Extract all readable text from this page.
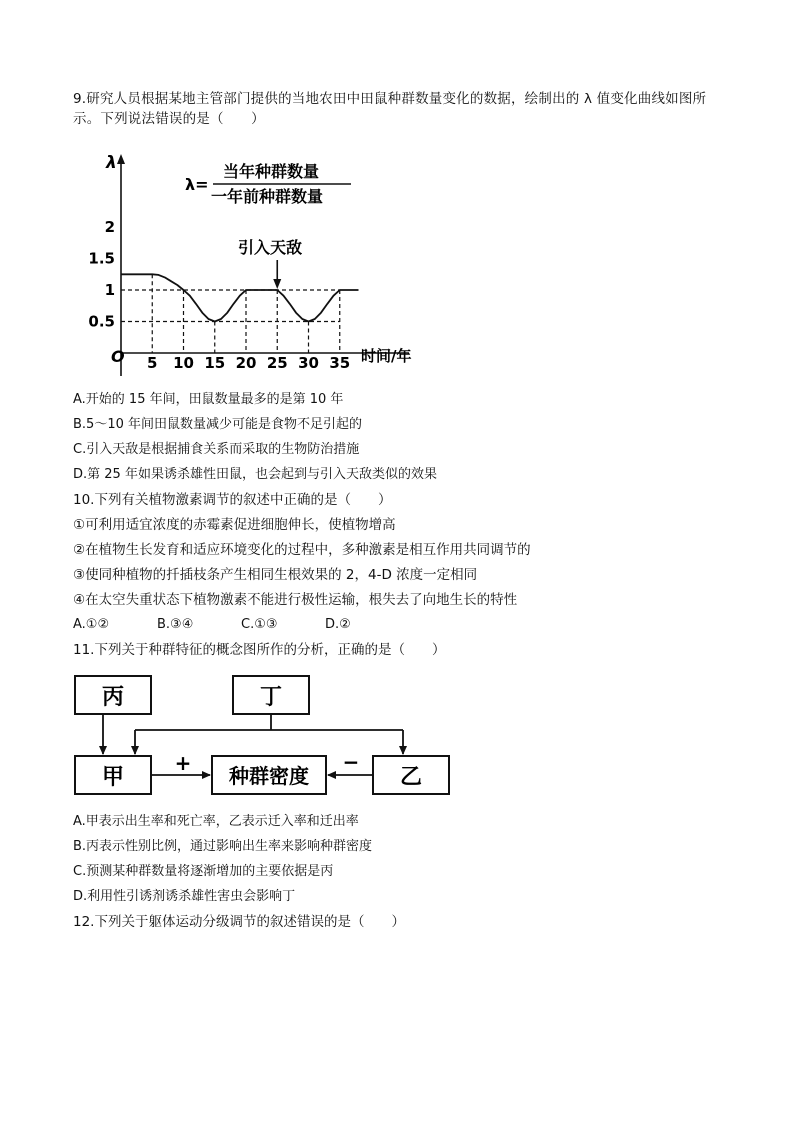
9.研究人员根据某地主管部门提供的当地农田中田鼠种群数量变化的数据，绘制出的 λ 值变化曲线如图所示。下列说法错误的是（　　）
λ
O	时间/年
λ=
当年种群数量
一年前种群数量
引入天敌
5 10 15 20 25 30 35
0.5
1
1.5
2
A.开始的 15 年间，田鼠数量最多的是第 10 年
B.5～10 年间田鼠数量减少可能是食物不足引起的
C.引入天敌是根据捕食关系而采取的生物防治措施
D.第 25 年如果诱杀雄性田鼠，也会起到与引入天敌类似的效果
10.下列有关植物激素调节的叙述中正确的是（　　）
①可利用适宜浓度的赤霉素促进细胞伸长，使植物增高
②在植物生长发育和适应环境变化的过程中，多种激素是相互作用共同调节的
③使同种植物的扦插枝条产生相同生根效果的 2，4-D 浓度一定相同
④在太空失重状态下植物激素不能进行极性运输，根失去了向地生长的特性
A.①②	B.③④	C.①③	D.②
11.下列关于种群特征的概念图所作的分析，正确的是（　　）
丙	丁
甲	种群密度	乙
+	−
A.甲表示出生率和死亡率，乙表示迁入率和迁出率
B.丙表示性别比例，通过影响出生率来影响种群密度
C.预测某种群数量将逐渐增加的主要依据是丙
D.利用性引诱剂诱杀雄性害虫会影响丁
12.下列关于躯体运动分级调节的叙述错误的是（　　）
